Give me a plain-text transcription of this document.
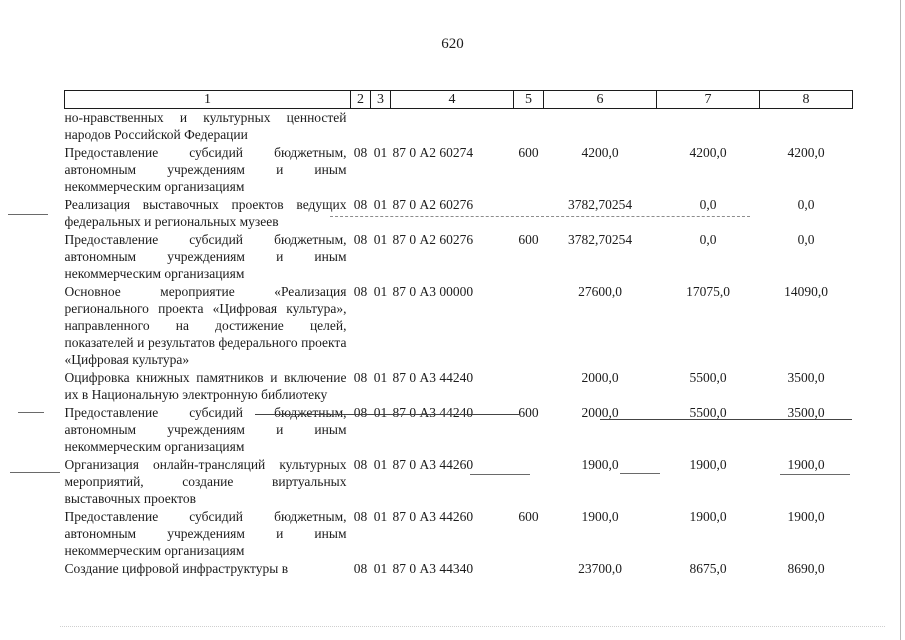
620
1	2	3	4	5	6	7	8
но-нравственных и культурных ценностей народов Российской Федерации							
Предоставление субсидий бюджетным, автономным учреждениям и иным некоммерческим организациям	08	01	87 0 А2 60274	600	4200,0	4200,0	4200,0
Реализация выставочных проектов ведущих федеральных и региональных музеев	08	01	87 0 А2 60276		3782,70254	0,0	0,0
Предоставление субсидий бюджетным, автономным учреждениям и иным некоммерческим организациям	08	01	87 0 А2 60276	600	3782,70254	0,0	0,0
Основное мероприятие «Реализация регионального проекта «Цифровая культура», направленного на достижение целей, показателей и результатов федерального проекта «Цифровая культура»	08	01	87 0 А3 00000		27600,0	17075,0	14090,0
Оцифровка книжных памятников и включение их в Национальную электронную библиотеку	08	01	87 0 А3 44240		2000,0	5500,0	3500,0
Предоставление субсидий бюджетным, автономным учреждениям и иным некоммерческим организациям	08	01	87 0 А3 44240	600	2000,0	5500,0	3500,0
Организация онлайн-трансляций культурных мероприятий, создание виртуальных выставочных проектов	08	01	87 0 А3 44260		1900,0	1900,0	1900,0
Предоставление субсидий бюджетным, автономным учреждениям и иным некоммерческим организациям	08	01	87 0 А3 44260	600	1900,0	1900,0	1900,0
Создание цифровой инфраструктуры в	08	01	87 0 А3 44340		23700,0	8675,0	8690,0
